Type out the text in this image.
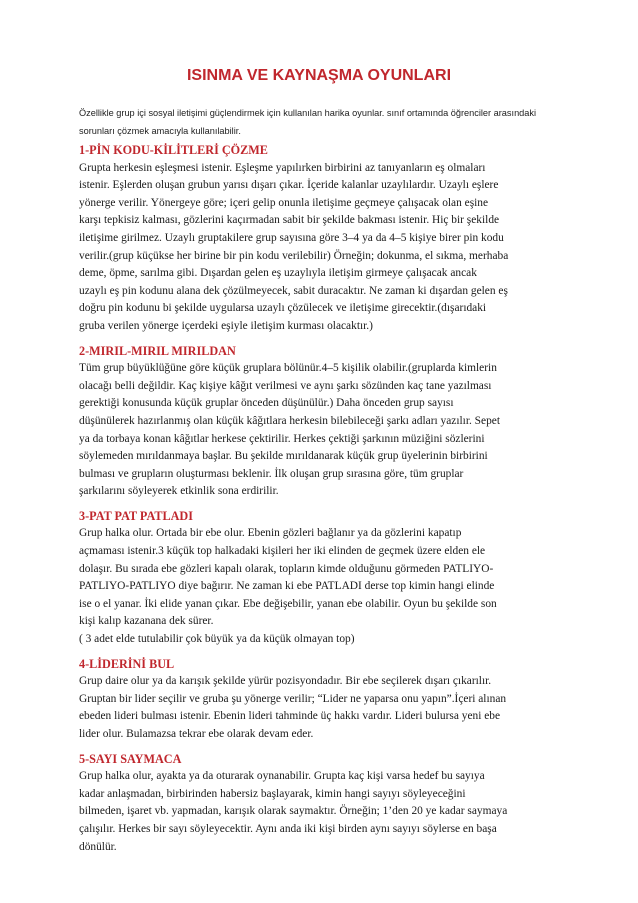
ISINMA VE KAYNAŞMA OYUNLARI

Özellikle grup içi sosyal iletişimi güçlendirmek için kullanılan harika oyunlar. sınıf ortamında öğrenciler arasındaki
sorunları çözmek amacıyla kullanılabilir.

1-PİN KODU-KİLİTLERİ ÇÖZME

Grupta herkesin eşleşmesi istenir. Eşleşme yapılırken birbirini az tanıyanların eş olmaları
istenir. Eşlerden oluşan grubun yarısı dışarı çıkar. İçeride kalanlar uzaylılardır. Uzaylı eşlere
yönerge verilir. Yönergeye göre; içeri gelip onunla iletişime geçmeye çalışacak olan eşine
karşı tepkisiz kalması, gözlerini kaçırmadan sabit bir şekilde bakması istenir. Hiç bir şekilde
iletişime girilmez. Uzaylı gruptakilere grup sayısına göre 3–4 ya da 4–5 kişiye birer pin kodu
verilir.(grup küçükse her birine bir pin kodu verilebilir) Örneğin; dokunma, el sıkma, merhaba
deme, öpme, sarılma gibi. Dışardan gelen eş uzaylıyla iletişim girmeye çalışacak ancak
uzaylı eş pin kodunu alana dek çözülmeyecek, sabit duracaktır. Ne zaman ki dışardan gelen eş
doğru pin kodunu bi şekilde uygularsa uzaylı çözülecek ve iletişime girecektir.(dışarıdaki
gruba verilen yönerge içerdeki eşiyle iletişim kurması olacaktır.)

2-MIRIL-MIRIL MIRILDAN

Tüm grup büyüklüğüne göre küçük gruplara bölünür.4–5 kişilik olabilir.(gruplarda kimlerin
olacağı belli değildir. Kaç kişiye kâğıt verilmesi ve aynı şarkı sözünden kaç tane yazılması
gerektiği konusunda küçük gruplar önceden düşünülür.) Daha önceden grup sayısı
düşünülerek hazırlanmış olan küçük kâğıtlara herkesin bilebileceği şarkı adları yazılır. Sepet
ya da torbaya konan kâğıtlar herkese çektirilir. Herkes çektiği şarkının müziğini sözlerini
söylemeden mırıldanmaya başlar. Bu şekilde mırıldanarak küçük grup üyelerinin birbirini
bulması ve grupların oluşturması beklenir. İlk oluşan grup sırasına göre, tüm gruplar
şarkılarını söyleyerek etkinlik sona erdirilir.

3-PAT PAT PATLADI

Grup halka olur. Ortada bir ebe olur. Ebenin gözleri bağlanır ya da gözlerini kapatıp
açmaması istenir.3 küçük top halkadaki kişileri her iki elinden de geçmek üzere elden ele
dolaşır. Bu sırada ebe gözleri kapalı olarak, topların kimde olduğunu görmeden PATLIYO-
PATLIYO-PATLIYO diye bağırır. Ne zaman ki ebe PATLADI derse top kimin hangi elinde
ise o el yanar. İki elide yanan çıkar. Ebe değişebilir, yanan ebe olabilir. Oyun bu şekilde son
kişi kalıp kazanana dek sürer.
( 3 adet elde tutulabilir çok büyük ya da küçük olmayan top)

4-LİDERİNİ BUL

Grup daire olur ya da karışık şekilde yürür pozisyondadır. Bir ebe seçilerek dışarı çıkarılır.
Gruptan bir lider seçilir ve gruba şu yönerge verilir; “Lider ne yaparsa onu yapın”.İçeri alınan
ebeden lideri bulması istenir. Ebenin lideri tahminde üç hakkı vardır. Lideri bulursa yeni ebe
lider olur. Bulamazsa tekrar ebe olarak devam eder.

5-SAYI SAYMACA

Grup halka olur, ayakta ya da oturarak oynanabilir. Grupta kaç kişi varsa hedef bu sayıya
kadar anlaşmadan, birbirinden habersiz başlayarak, kimin hangi sayıyı söyleyeceğini
bilmeden, işaret vb. yapmadan, karışık olarak saymaktır. Örneğin; 1’den 20 ye kadar saymaya
çalışılır. Herkes bir sayı söyleyecektir. Aynı anda iki kişi birden aynı sayıyı söylerse en başa
dönülür.
